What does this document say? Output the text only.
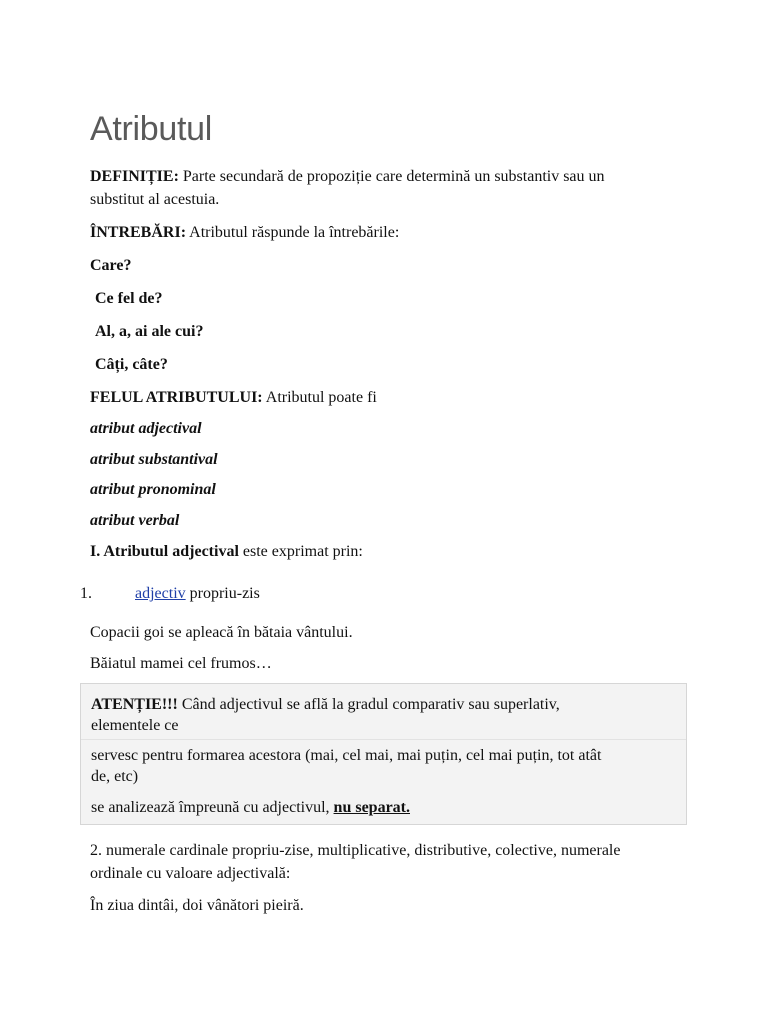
Atributul
DEFINIȚIE: Parte secundară de propoziție care determină un substantiv sau un
substitut al acestuia.
ÎNTREBĂRI: Atributul răspunde la întrebările:
Care?
Ce fel de?
Al, a, ai ale cui?
Câți, câte?
FELUL ATRIBUTULUI: Atributul poate fi
atribut adjectival
atribut substantival
atribut pronominal
atribut verbal
I. Atributul adjectival este exprimat prin:
1.	adjectiv propriu-zis
Copacii goi se apleacă în bătaia vântului.
Băiatul mamei cel frumos…
2. numerale cardinale propriu-zise, multiplicative, distributive, colective, numerale
ordinale cu valoare adjectivală:
În ziua dintâi, doi vânători pieiră.
ATENȚIE!!! Când adjectivul se află la gradul comparativ sau superlativ,
elementele ce
servesc pentru formarea acestora (mai, cel mai, mai puțin, cel mai puțin, tot atât
de, etc)
se analizează împreună cu adjectivul, nu separat.
